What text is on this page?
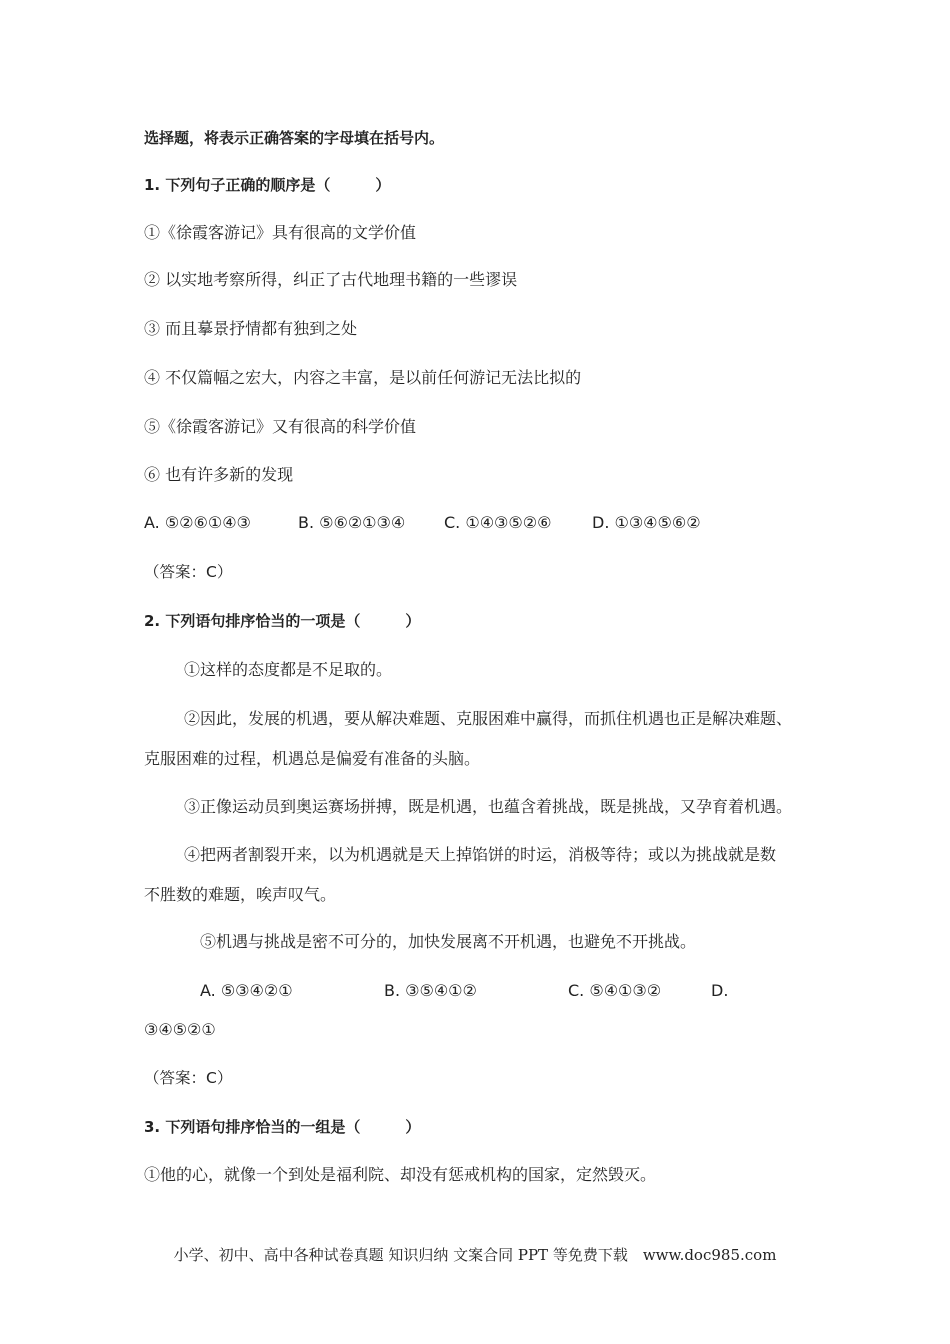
选择题，将表示正确答案的字母填在括号内。
1. 下列句子正确的顺序是（　　　）
①《徐霞客游记》具有很高的文学价值
② 以实地考察所得，纠正了古代地理书籍的一些谬误
③ 而且摹景抒情都有独到之处
④ 不仅篇幅之宏大，内容之丰富，是以前任何游记无法比拟的
⑤《徐霞客游记》又有很高的科学价值
⑥ 也有许多新的发现
A. ⑤②⑥①④③	B. ⑤⑥②①③④ C. ①④③⑤②⑥	D. ①③④⑤⑥②
（答案：C）
2. 下列语句排序恰当的一项是（　　　）
①这样的态度都是不足取的。
②因此，发展的机遇，要从解决难题、克服困难中赢得，而抓住机遇也正是解决难题、
克服困难的过程，机遇总是偏爱有准备的头脑。
③正像运动员到奥运赛场拼搏，既是机遇，也蕴含着挑战，既是挑战，又孕育着机遇。
④把两者割裂开来，以为机遇就是天上掉馅饼的时运，消极等待；或以为挑战就是数
不胜数的难题，唉声叹气。
⑤机遇与挑战是密不可分的，加快发展离不开机遇，也避免不开挑战。
A. ⑤③④②①	B. ③⑤④①②	C. ⑤④①③②	D.
③④⑤②①
（答案：C）
3. 下列语句排序恰当的一组是（　　　）
①他的心，就像一个到处是福利院、却没有惩戒机构的国家，定然毁灭。
小学、初中、高中各种试卷真题 知识归纳 文案合同 PPT 等免费下载　www.doc985.com
